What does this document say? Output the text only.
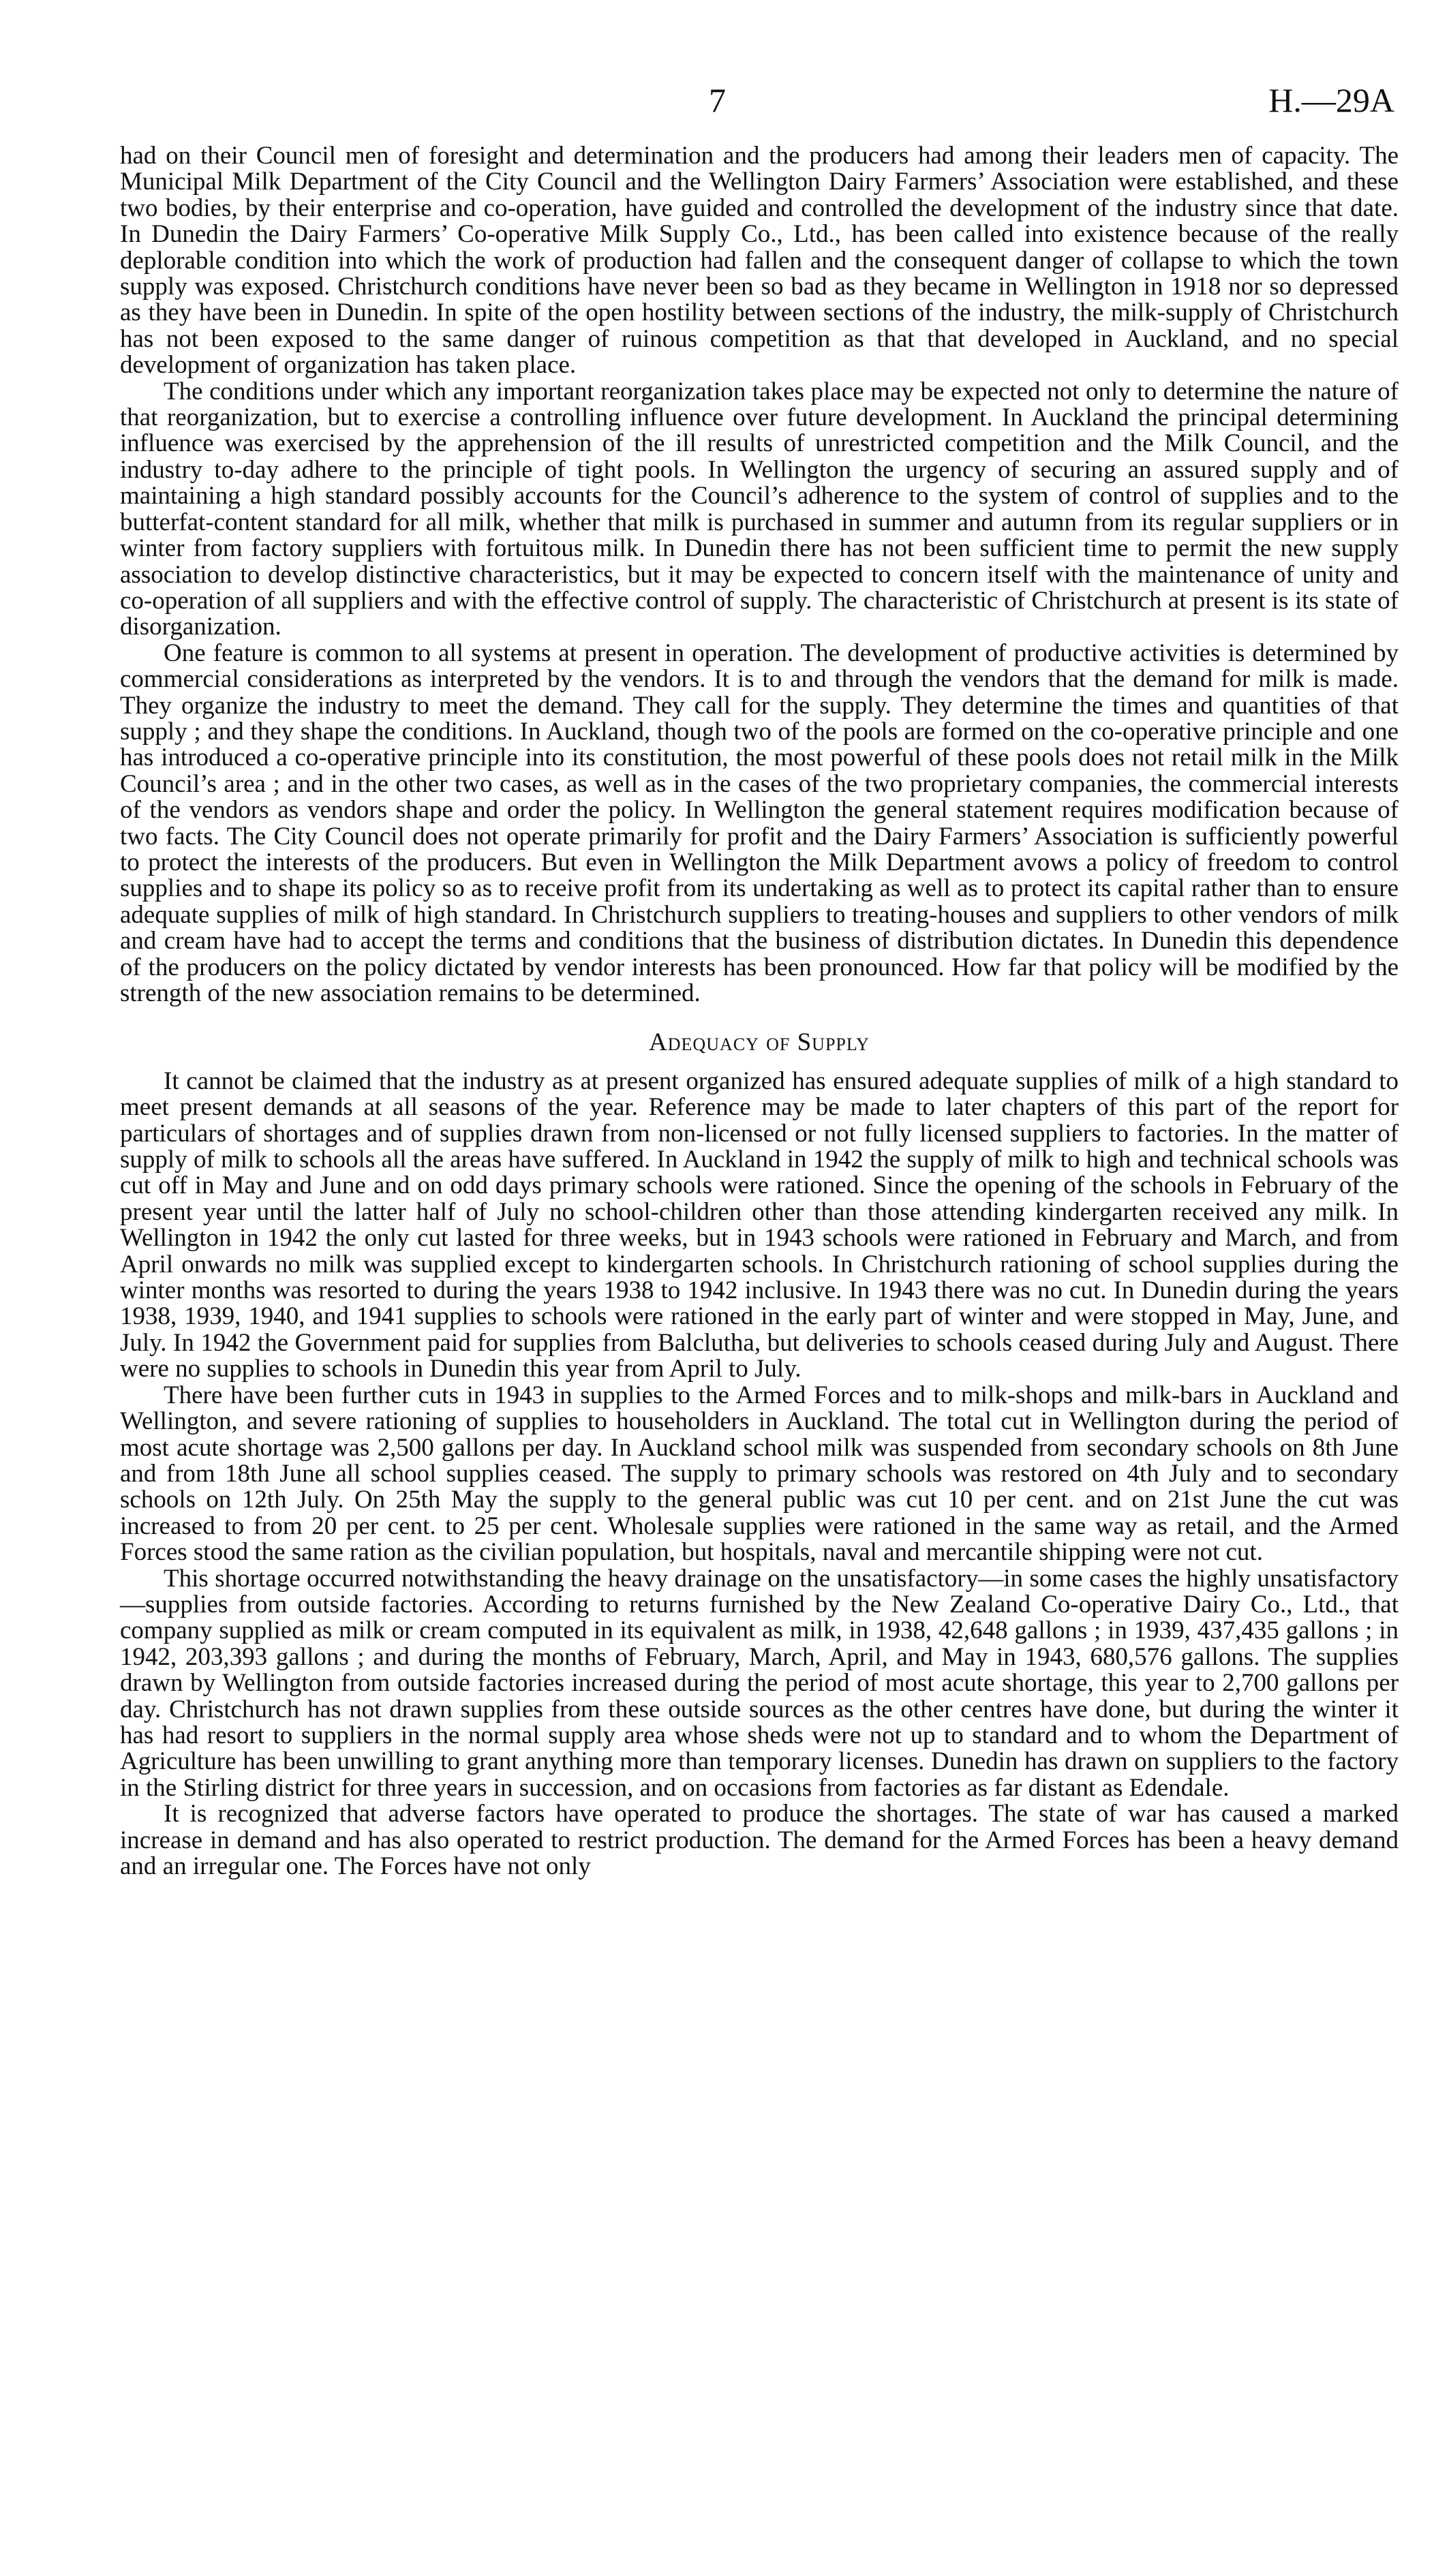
7	H.—29A

had on their Council men of foresight and determination and the producers had among their leaders men of capacity. The Municipal Milk Department of the City Council and the Wellington Dairy Farmers’ Association were established, and these two bodies, by their enterprise and co-operation, have guided and controlled the development of the industry since that date. In Dunedin the Dairy Farmers’ Co-operative Milk Supply Co., Ltd., has been called into existence because of the really deplorable condition into which the work of production had fallen and the consequent danger of collapse to which the town supply was exposed. Christchurch conditions have never been so bad as they became in Wellington in 1918 nor so depressed as they have been in Dunedin. In spite of the open hostility between sections of the industry, the milk-supply of Christchurch has not been exposed to the same danger of ruinous competition as that that developed in Auckland, and no special development of organization has taken place.

The conditions under which any important reorganization takes place may be expected not only to determine the nature of that reorganization, but to exercise a controlling influence over future development. In Auckland the principal determining influence was exercised by the apprehension of the ill results of unrestricted competition and the Milk Council, and the industry to-day adhere to the principle of tight pools. In Wellington the urgency of securing an assured supply and of maintaining a high standard possibly accounts for the Council’s adherence to the system of control of supplies and to the butterfat-content standard for all milk, whether that milk is purchased in summer and autumn from its regular suppliers or in winter from factory suppliers with fortuitous milk. In Dunedin there has not been sufficient time to permit the new supply association to develop distinctive characteristics, but it may be expected to concern itself with the maintenance of unity and co-operation of all suppliers and with the effective control of supply. The characteristic of Christchurch at present is its state of disorganization.

One feature is common to all systems at present in operation. The development of productive activities is determined by commercial considerations as interpreted by the vendors. It is to and through the vendors that the demand for milk is made. They organize the industry to meet the demand. They call for the supply. They determine the times and quantities of that supply ; and they shape the conditions. In Auckland, though two of the pools are formed on the co-operative principle and one has introduced a co-operative principle into its constitution, the most powerful of these pools does not retail milk in the Milk Council’s area ; and in the other two cases, as well as in the cases of the two proprietary companies, the commercial interests of the vendors as vendors shape and order the policy. In Wellington the general statement requires modification because of two facts. The City Council does not operate primarily for profit and the Dairy Farmers’ Association is sufficiently powerful to protect the interests of the producers. But even in Wellington the Milk Department avows a policy of freedom to control supplies and to shape its policy so as to receive profit from its undertaking as well as to protect its capital rather than to ensure adequate supplies of milk of high standard. In Christchurch suppliers to treating-houses and suppliers to other vendors of milk and cream have had to accept the terms and conditions that the business of distribution dictates. In Dunedin this dependence of the producers on the policy dictated by vendor interests has been pronounced. How far that policy will be modified by the strength of the new association remains to be determined.

Adequacy of Supply

It cannot be claimed that the industry as at present organized has ensured adequate supplies of milk of a high standard to meet present demands at all seasons of the year. Reference may be made to later chapters of this part of the report for particulars of shortages and of supplies drawn from non-licensed or not fully licensed suppliers to factories. In the matter of supply of milk to schools all the areas have suffered. In Auckland in 1942 the supply of milk to high and technical schools was cut off in May and June and on odd days primary schools were rationed. Since the opening of the schools in February of the present year until the latter half of July no school-children other than those attending kindergarten received any milk. In Wellington in 1942 the only cut lasted for three weeks, but in 1943 schools were rationed in February and March, and from April onwards no milk was supplied except to kindergarten schools. In Christchurch rationing of school supplies during the winter months was resorted to during the years 1938 to 1942 inclusive. In 1943 there was no cut. In Dunedin during the years 1938, 1939, 1940, and 1941 supplies to schools were rationed in the early part of winter and were stopped in May, June, and July. In 1942 the Government paid for supplies from Balclutha, but deliveries to schools ceased during July and August. There were no supplies to schools in Dunedin this year from April to July.

There have been further cuts in 1943 in supplies to the Armed Forces and to milk-shops and milk-bars in Auckland and Wellington, and severe rationing of supplies to householders in Auckland. The total cut in Wellington during the period of most acute shortage was 2,500 gallons per day. In Auckland school milk was suspended from secondary schools on 8th June and from 18th June all school supplies ceased. The supply to primary schools was restored on 4th July and to secondary schools on 12th July. On 25th May the supply to the general public was cut 10 per cent. and on 21st June the cut was increased to from 20 per cent. to 25 per cent. Wholesale supplies were rationed in the same way as retail, and the Armed Forces stood the same ration as the civilian population, but hospitals, naval and mercantile shipping were not cut.

This shortage occurred notwithstanding the heavy drainage on the unsatisfactory—in some cases the highly unsatisfactory—supplies from outside factories. According to returns furnished by the New Zealand Co-operative Dairy Co., Ltd., that company supplied as milk or cream computed in its equivalent as milk, in 1938, 42,648 gallons ; in 1939, 437,435 gallons ; in 1942, 203,393 gallons ; and during the months of February, March, April, and May in 1943, 680,576 gallons. The supplies drawn by Wellington from outside factories increased during the period of most acute shortage, this year to 2,700 gallons per day. Christchurch has not drawn supplies from these outside sources as the other centres have done, but during the winter it has had resort to suppliers in the normal supply area whose sheds were not up to standard and to whom the Department of Agriculture has been unwilling to grant anything more than temporary licenses. Dunedin has drawn on suppliers to the factory in the Stirling district for three years in succession, and on occasions from factories as far distant as Edendale.

It is recognized that adverse factors have operated to produce the shortages. The state of war has caused a marked increase in demand and has also operated to restrict production. The demand for the Armed Forces has been a heavy demand and an irregular one. The Forces have not only
